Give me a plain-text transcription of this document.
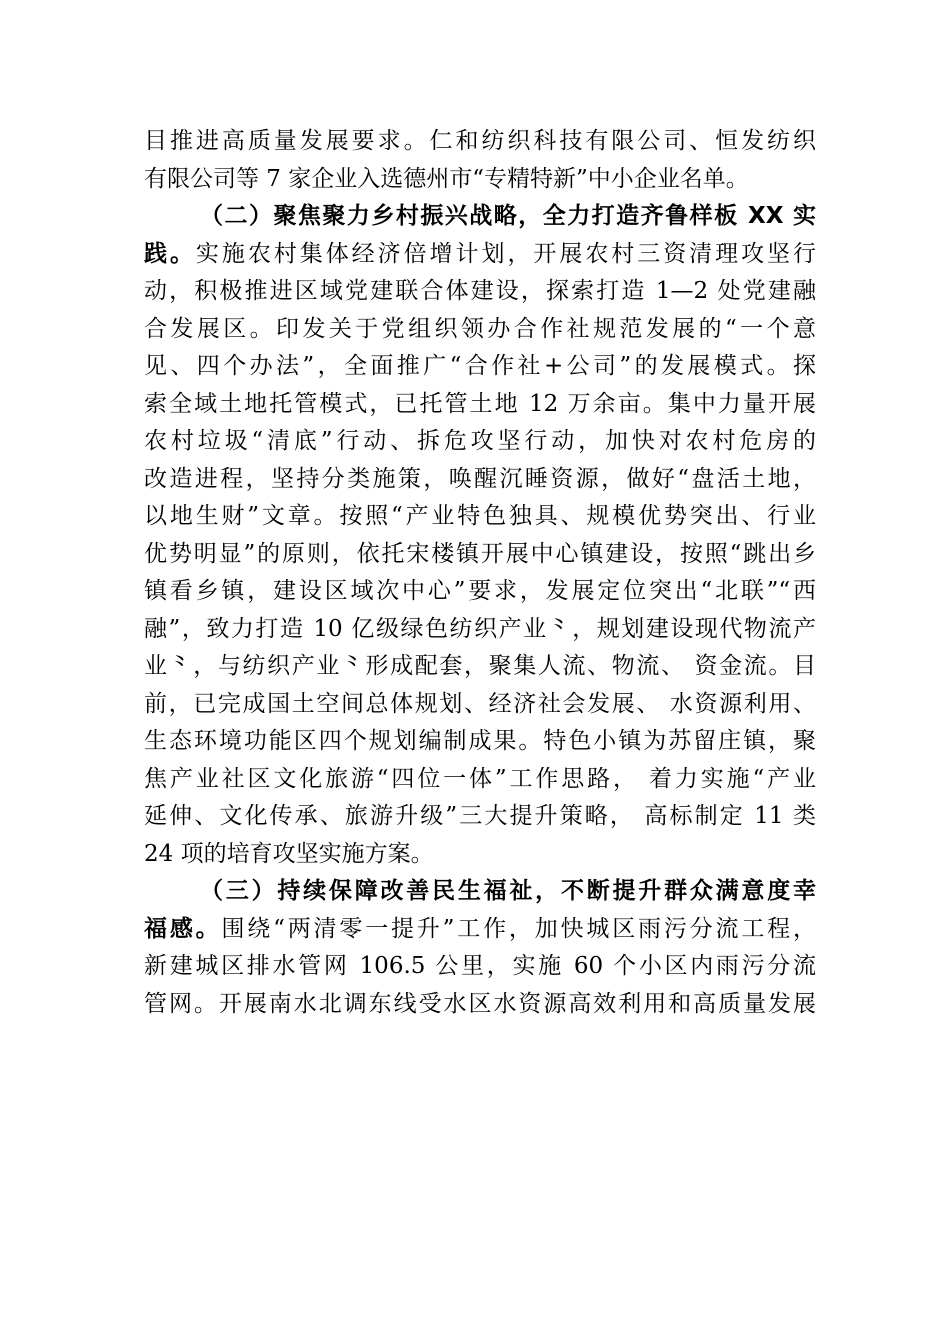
目推进高质量发展要求。仁和纺织科技有限公司、恒发纺织
有限公司等 7 家企业入选德州市“专精特新”中小企业名单。
（二）聚焦聚力乡村振兴战略，全力打造齐鲁样板 XX 实
践。实施农村集体经济倍增计划，开展农村三资清理攻坚行
动，积极推进区域党建联合体建设，探索打造 1—2 处党建融
合发展区。印发关于党组织领办合作社规范发展的“一个意
见、四个办法”，全面推广“合作社+公司”的发展模式。探
索全域土地托管模式，已托管土地 12 万余亩。集中力量开展
农村垃圾“清底”行动、拆危攻坚行动，加快对农村危房的
改造进程，坚持分类施策，唤醒沉睡资源，做好“盘活土地，
以地生财”文章。按照“产业特色独具、规模优势突出、行业
优势明显”的原则，依托宋楼镇开展中心镇建设，按照“跳出乡
镇看乡镇，建设区域次中心”要求，发展定位突出“北联”“西
融”，致力打造 10 亿级绿色纺织产业⺀，规划建设现代物流产
业⺀，与纺织产业⺀形成配套，聚集人流、物流、 资金流。目
前，已完成国土空间总体规划、经济社会发展、 水资源利用、
生态环境功能区四个规划编制成果。特色小镇为苏留庄镇，聚
焦产业社区文化旅游“四位一体”工作思路， 着力实施“产业
延伸、文化传承、旅游升级”三大提升策略， 高标制定 11 类
24 项的培育攻坚实施方案。
（三）持续保障改善民生福祉，不断提升群众满意度幸
福感。围绕“两清零一提升”工作，加快城区雨污分流工程，
新建城区排水管网 106.5 公里，实施 60 个小区内雨污分流
管网。开展南水北调东线受水区水资源高效利用和高质量发展
